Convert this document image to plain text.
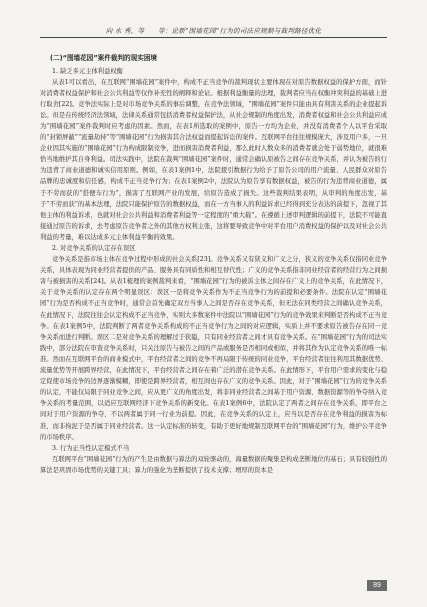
向 水 秀，等　　等：论新“围墙花园”行为的司法应规制与裁判路径优化
(二)“围墙花园”案件裁判的现实困境

1. 缺乏多元主体利益权衡

从表1可以看出，在互联网“围墙花园”案件中，构成不正当竞争的裁判现状主要体现在对原告数据权益的保护方面，而针对消费者权益保护和社会公共利益等仅作补充性的阐释和论证。根据利益衡量的法理，裁判者应当在权衡冲突利益的基础上进行取舍[22]。竞争法实际上是对市场竞争关系的事后调整，在竞争法领域，“围墙花园”案件只能由具有利害关系的企业提起诉讼。但是在传统经济法领域，法律关系通常包括消费者权益保护法，从社会规制的角度出发，消费者权益和社会公共利益应成为“围墙花园”案件裁判时应考虑的因素。然而，在表1所选取的案例中，原告一方均为企业，并没有消费者个人以平台采取的“封锁屏蔽”“流量劫持”等“围墙花园”行为损害其合法权益而提起诉讼的案件。互联网平台往往规模庞大，涉及用户多，一旦企业因其实施的“围墙花园”行为构成限制竞争，进而损害消费者利益，那么此时人数众多的消费者就会处于弱势地位，就很难恰当地维护其自身利益。司法实践中，法院在裁判“围墙花园”案件时，通常会确认原被告之间存在竞争关系，并认为被告的行为违背了商业道德和诚实信用原则。例如，在表1案例1中，法院援引数据行为给予了原告公司的用户流量、人民群众对原告品牌的忠诚度和信任感，构成不正当竞争行为；在表1案例2中，法院认为原告享有数据权益，被告的行为违背商业道德，属于不劳而获的“搭便车行为”，损害了互联网产业的发展，给原告造成了损失。这些裁判结果表明，从审判的角度出发，基于“不劳而获”的基本法理，法院只能保护原告的数据权益，而在一方当事人的利益诉求已经得到充分表达的前提下，忽视了其他主体的利益诉求，也就对社会公共利益和消费者利益等一定程度的“重大载”。在遵循上述审判逻辑的前提下，法院不可能直接通过原告的诉求，去考虑原告竞争者之外的其他方权利主张，这将要导致竞争中对平台用户消费权益的保护以及对社会公共利益的考量，难以达成多元主体利益平衡的效果。

2. 对竞争关系的认定存在误区

竞争关系是指市场主体在竞争过程中形成的社会关系[23]。竞争关系又有狭义和广义之分，狭义的竞争关系仅指同业竞争关系，具体表现为同业经营者提供的产品、服务具有同质性和相互替代性；广义的竞争关系指非同业经营者的经营行为之间损害与被损害的关系[24]。从表1梳理的案例裁判来看，“围墙花园”行为的被诉主体之间存在广义上的竞争关系，在此情况下，关于竞争关系的认定存在两个明显误区：误区一是将竞争关系作为不正当竞争行为的前提和必要条件。法院在认定“围墙花园”行为是否构成不正当竞争时，通常会首先确定双方当事人之间是否存在竞争关系，但无法在同类经营之间确认竞争关系，在此情况下，法院往往会认定构成不正当竞争，实则大多数案件中法院以“围墙花园”行为的竞争效果来判断是否构成不正当竞争。在表1案例5中，法院判断了两者竞争关系构成的不正当竞争行为之间的对应逻辑，实质上并不要求原告被告存在同一竞争关系而进行判断。误区二是对竞争关系的理解过于狭隘，只有同业经营者之间才具有竞争关系。在“围墙花园”行为的司法实践中，部分法院在审查竞争关系时，只关注原告与被告之间的产品或服务是否相同或相似，并将其作为认定竞争关系的唯一标准。然而在互联网平台的商业模式中，平台经营者之间的竞争不再局限于传统的同业竞争，平台经营者往往利用其数据优势、流量优势等开展跨界经营，在此情况下，平台经营者之间存在着广泛的潜在竞争关系。在此情形下，平台用户需求的变化与稳定促使市场竞争的边界逐渐模糊，即使是跨界经营者，相互间也存在广义的竞争关系。因此，对于“围墙花园”行为的竞争关系的认定，不能仅局限于同业竞争之间，应从更广义的角度出发，将非同业经营者之间基于用户资源、数据资源等的争夺纳入竞争关系的考量范围，以适应互联网经济下竞争关系的新变化。在表1案例6中，法院认定了两者之间存在竞争关系，即平台之间对于用户资源的争夺，不以两者属于同一行业为前提。因此，在竞争关系的认定上，应当以是否存在竞争利益的损害为标准，而非拘泥于是否属于同业经营者。这一认定标准的转变，有助于更好地规制互联网平台的“围墙花园”行为，维护公平竞争的市场秩序。

3. 行为正当性认定模式不当

互联网平台“围墙花园”行为的产生是由数据与算法的双轮驱动的，海量数据的聚集是构成垄断地位的基石；具有较强性的算法是巩固市场优势的关键工具；算力的强化为垄断提供了技术支撑；增厚的资本是

89
